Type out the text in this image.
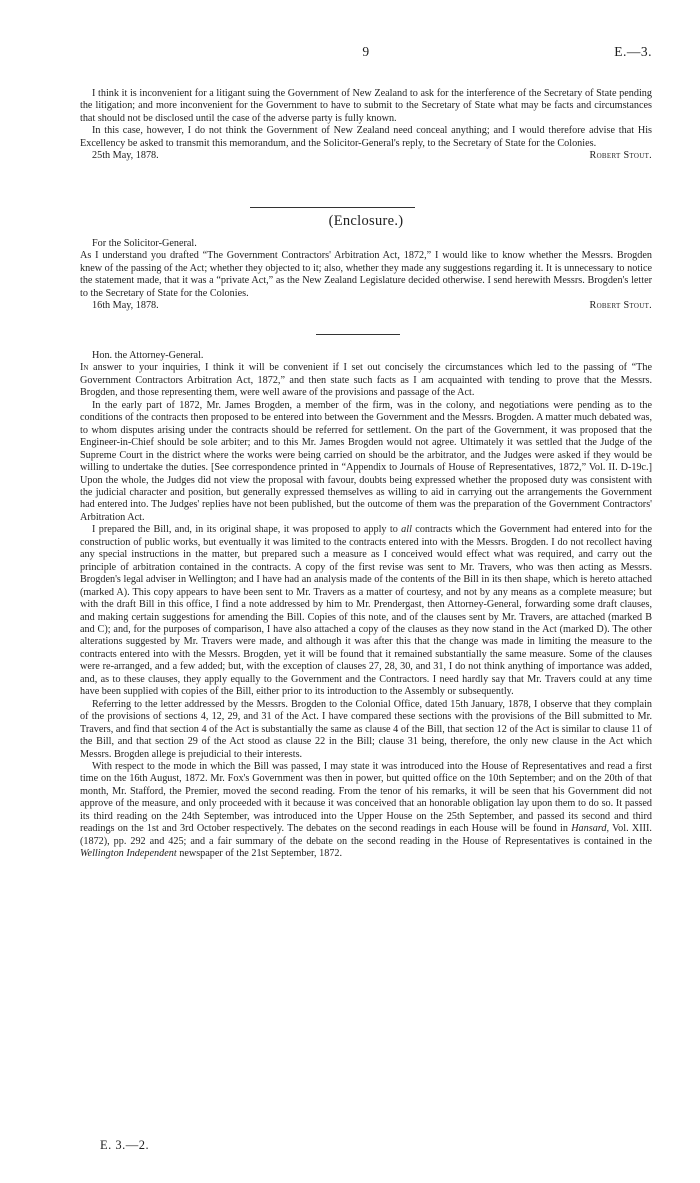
9	E.—3.

I think it is inconvenient for a litigant suing the Government of New Zealand to ask for the interference of the Secretary of State pending the litigation; and more inconvenient for the Government to have to submit to the Secretary of State what may be facts and circumstances that should not be disclosed until the case of the adverse party is fully known.

In this case, however, I do not think the Government of New Zealand need conceal anything; and I would therefore advise that His Excellency be asked to transmit this memorandum, and the Solicitor-General's reply, to the Secretary of State for the Colonies.

25th May, 1878.	Robert Stout.
(Enclosure.)

For the Solicitor-General.

As I understand you drafted “The Government Contractors' Arbitration Act, 1872,” I would like to know whether the Messrs. Brogden knew of the passing of the Act; whether they objected to it; also, whether they made any suggestions regarding it. It is unnecessary to notice the statement made, that it was a “private Act,” as the New Zealand Legislature decided otherwise. I send herewith Messrs. Brogden's letter to the Secretary of State for the Colonies.

16th May, 1878.	Robert Stout.

Hon. the Attorney-General.

In answer to your inquiries, I think it will be convenient if I set out concisely the circumstances which led to the passing of “The Government Contractors Arbitration Act, 1872,” and then state such facts as I am acquainted with tending to prove that the Messrs. Brogden, and those representing them, were well aware of the provisions and passage of the Act.

In the early part of 1872, Mr. James Brogden, a member of the firm, was in the colony, and negotiations were pending as to the conditions of the contracts then proposed to be entered into between the Government and the Messrs. Brogden. A matter much debated was, to whom disputes arising under the contracts should be referred for settlement. On the part of the Government, it was proposed that the Engineer-in-Chief should be sole arbiter; and to this Mr. James Brogden would not agree. Ultimately it was settled that the Judge of the Supreme Court in the district where the works were being carried on should be the arbitrator, and the Judges were asked if they would be willing to undertake the duties. [See correspondence printed in “Appendix to Journals of House of Representatives, 1872,” Vol. II. D-19c.] Upon the whole, the Judges did not view the proposal with favour, doubts being expressed whether the proposed duty was consistent with the judicial character and position, but generally expressed themselves as willing to aid in carrying out the arrangements the Government had entered into. The Judges' replies have not been published, but the outcome of them was the preparation of the Government Contractors' Arbitration Act.

I prepared the Bill, and, in its original shape, it was proposed to apply to all contracts which the Government had entered into for the construction of public works, but eventually it was limited to the contracts entered into with the Messrs. Brogden. I do not recollect having any special instructions in the matter, but prepared such a measure as I conceived would effect what was required, and carry out the principle of arbitration contained in the contracts. A copy of the first revise was sent to Mr. Travers, who was then acting as Messrs. Brogden's legal adviser in Wellington; and I have had an analysis made of the contents of the Bill in its then shape, which is hereto attached (marked A). This copy appears to have been sent to Mr. Travers as a matter of courtesy, and not by any means as a complete measure; but with the draft Bill in this office, I find a note addressed by him to Mr. Prendergast, then Attorney-General, forwarding some draft clauses, and making certain suggestions for amending the Bill. Copies of this note, and of the clauses sent by Mr. Travers, are attached (marked B and C); and, for the purposes of comparison, I have also attached a copy of the clauses as they now stand in the Act (marked D). The other alterations suggested by Mr. Travers were made, and although it was after this that the change was made in limiting the measure to the contracts entered into with the Messrs. Brogden, yet it will be found that it remained substantially the same measure. Some of the clauses were re-arranged, and a few added; but, with the exception of clauses 27, 28, 30, and 31, I do not think anything of importance was added, and, as to these clauses, they apply equally to the Government and the Contractors. I need hardly say that Mr. Travers could at any time have been supplied with copies of the Bill, either prior to its introduction to the Assembly or subsequently.

Referring to the letter addressed by the Messrs. Brogden to the Colonial Office, dated 15th January, 1878, I observe that they complain of the provisions of sections 4, 12, 29, and 31 of the Act. I have compared these sections with the provisions of the Bill submitted to Mr. Travers, and find that section 4 of the Act is substantially the same as clause 4 of the Bill, that section 12 of the Act is similar to clause 11 of the Bill, and that section 29 of the Act stood as clause 22 in the Bill; clause 31 being, therefore, the only new clause in the Act which Messrs. Brogden allege is prejudicial to their interests.

With respect to the mode in which the Bill was passed, I may state it was introduced into the House of Representatives and read a first time on the 16th August, 1872. Mr. Fox's Government was then in power, but quitted office on the 10th September; and on the 20th of that month, Mr. Stafford, the Premier, moved the second reading. From the tenor of his remarks, it will be seen that his Government did not approve of the measure, and only proceeded with it because it was conceived that an honorable obligation lay upon them to do so. It passed its third reading on the 24th September, was introduced into the Upper House on the 25th September, and passed its second and third readings on the 1st and 3rd October respectively. The debates on the second readings in each House will be found in Hansard, Vol. XIII. (1872), pp. 292 and 425; and a fair summary of the debate on the second reading in the House of Representatives is contained in the Wellington Independent newspaper of the 21st September, 1872.

E. 3.—2.
